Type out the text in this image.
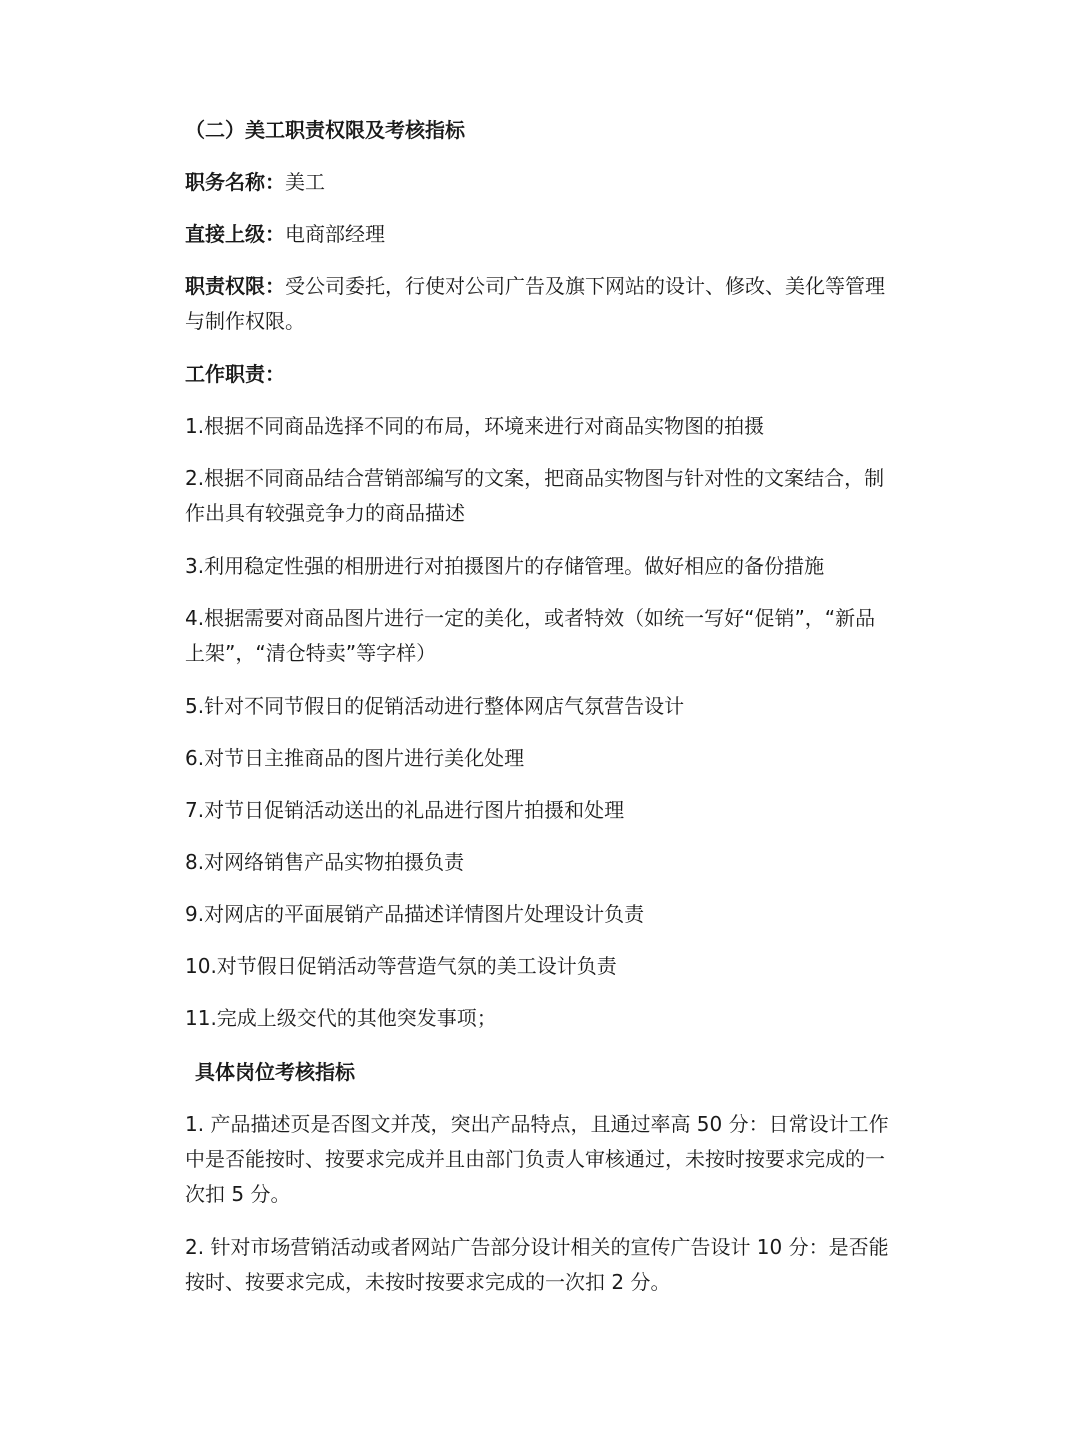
（二）美工职责权限及考核指标

职务名称：美工

直接上级：电商部经理

职责权限：受公司委托，行使对公司广告及旗下网站的设计、修改、美化等管理与制作权限。

工作职责：

1.根据不同商品选择不同的布局，环境来进行对商品实物图的拍摄

2.根据不同商品结合营销部编写的文案，把商品实物图与针对性的文案结合，制作出具有较强竞争力的商品描述

3.利用稳定性强的相册进行对拍摄图片的存储管理。做好相应的备份措施

4.根据需要对商品图片进行一定的美化，或者特效（如统一写好“促销”，“新品上架”，“清仓特卖”等字样）

5.针对不同节假日的促销活动进行整体网店气氛营告设计

6.对节日主推商品的图片进行美化处理

7.对节日促销活动送出的礼品进行图片拍摄和处理

8.对网络销售产品实物拍摄负责

9.对网店的平面展销产品描述详情图片处理设计负责

10.对节假日促销活动等营造气氛的美工设计负责

11.完成上级交代的其他突发事项；

具体岗位考核指标

1. 产品描述页是否图文并茂，突出产品特点，且通过率高 50 分：日常设计工作中是否能按时、按要求完成并且由部门负责人审核通过，未按时按要求完成的一次扣 5 分。

2. 针对市场营销活动或者网站广告部分设计相关的宣传广告设计 10 分：是否能按时、按要求完成，未按时按要求完成的一次扣 2 分。
